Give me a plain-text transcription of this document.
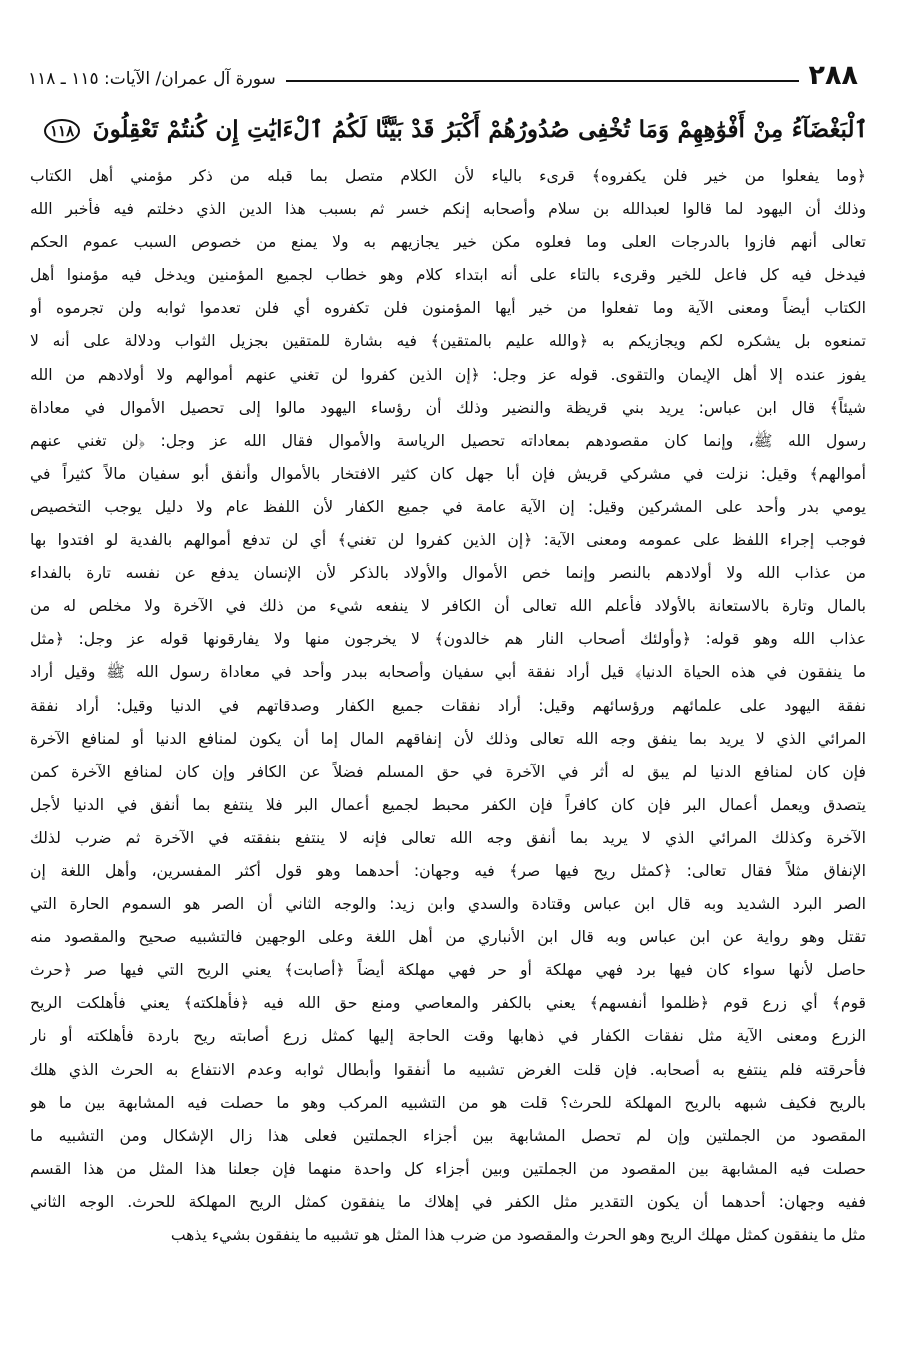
٢٨٨
سورة آل عمران/ الآيات: ١١٥ ـ ١١٨
ٱلْبَغْضَآءُ مِنْ أَفْوَٰهِهِمْ وَمَا تُخْفِى صُدُورُهُمْ أَكْبَرُ قَدْ بَيَّنَّا لَكُمُ ٱلْءَايَٰتِ إِن كُنتُمْ تَعْقِلُونَ ١١٨
﴿وما يفعلوا من خير فلن يكفروه﴾ قرىء بالياء لأن الكلام متصل بما قبله من ذكر مؤمني أهل الكتاب
وذلك أن اليهود لما قالوا لعبدالله بن سلام وأصحابه إنكم خسر ثم بسبب هذا الدين الذي دخلتم فيه فأخبر الله
تعالى أنهم فازوا بالدرجات العلى وما فعلوه مكن خير يجازيهم به ولا يمنع من خصوص السبب عموم الحكم
فيدخل فيه كل فاعل للخير وقرىء بالتاء على أنه ابتداء كلام وهو خطاب لجميع المؤمنين ويدخل فيه مؤمنوا أهل
الكتاب أيضاً ومعنى الآية وما تفعلوا من خير أيها المؤمنون فلن تكفروه أي فلن تعدموا ثوابه ولن تجرموه أو
تمنعوه بل يشكره لكم ويجازيكم به ﴿والله عليم بالمتقين﴾ فيه بشارة للمتقين بجزيل الثواب ودلالة على أنه لا
يفوز عنده إلا أهل الإيمان والتقوى. قوله عز وجل: ﴿إن الذين كفروا لن تغني عنهم أموالهم ولا أولادهم من الله
شيئاً﴾ قال ابن عباس: يريد بني قريظة والنضير وذلك أن رؤساء اليهود مالوا إلى تحصيل الأموال في معاداة
رسول الله ﷺ، وإنما كان مقصودهم بمعاداته تحصيل الرياسة والأموال فقال الله عز وجل: ﴿لن تغني عنهم
أموالهم﴾ وقيل: نزلت في مشركي قريش فإن أبا جهل كان كثير الافتخار بالأموال وأنفق أبو سفيان مالاً كثيراً في
يومي بدر وأحد على المشركين وقيل: إن الآية عامة في جميع الكفار لأن اللفظ عام ولا دليل يوجب التخصيص
فوجب إجراء اللفظ على عمومه ومعنى الآية: ﴿إن الذين كفروا لن تغني﴾ أي لن تدفع أموالهم بالفدية لو افتدوا بها
من عذاب الله ولا أولادهم بالنصر وإنما خص الأموال والأولاد بالذكر لأن الإنسان يدفع عن نفسه تارة بالفداء
بالمال وتارة بالاستعانة بالأولاد فأعلم الله تعالى أن الكافر لا ينفعه شيء من ذلك في الآخرة ولا مخلص له من
عذاب الله وهو قوله: ﴿وأولئك أصحاب النار هم خالدون﴾ لا يخرجون منها ولا يفارقونها قوله عز وجل: ﴿مثل
ما ينفقون في هذه الحياة الدنيا﴾ قيل أراد نفقة أبي سفيان وأصحابه ببدر وأحد في معاداة رسول الله ﷺ وقيل أراد
نفقة اليهود على علمائهم ورؤسائهم وقيل: أراد نفقات جميع الكفار وصدقاتهم في الدنيا وقيل: أراد نفقة
المرائي الذي لا يريد بما ينفق وجه الله تعالى وذلك لأن إنفاقهم المال إما أن يكون لمنافع الدنيا أو لمنافع الآخرة
فإن كان لمنافع الدنيا لم يبق له أثر في الآخرة في حق المسلم فضلاً عن الكافر وإن كان لمنافع الآخرة كمن
يتصدق ويعمل أعمال البر فإن كان كافراً فإن الكفر محبط لجميع أعمال البر فلا ينتفع بما أنفق في الدنيا لأجل
الآخرة وكذلك المرائي الذي لا يريد بما أنفق وجه الله تعالى فإنه لا ينتفع بنفقته في الآخرة ثم ضرب لذلك
الإنفاق مثلاً فقال تعالى: ﴿كمثل ريح فيها صر﴾ فيه وجهان: أحدهما وهو قول أكثر المفسرين، وأهل اللغة إن
الصر البرد الشديد وبه قال ابن عباس وقتادة والسدي وابن زيد: والوجه الثاني أن الصر هو السموم الحارة التي
تقتل وهو رواية عن ابن عباس وبه قال ابن الأنباري من أهل اللغة وعلى الوجهين فالتشبيه صحيح والمقصود منه
حاصل لأنها سواء كان فيها برد فهي مهلكة أو حر فهي مهلكة أيضاً ﴿أصابت﴾ يعني الريح التي فيها صر ﴿حرث
قوم﴾ أي زرع قوم ﴿ظلموا أنفسهم﴾ يعني بالكفر والمعاصي ومنع حق الله فيه ﴿فأهلكته﴾ يعني فأهلكت الريح
الزرع ومعنى الآية مثل نفقات الكفار في ذهابها وقت الحاجة إليها كمثل زرع أصابته ريح باردة فأهلكته أو نار
فأحرقته فلم ينتفع به أصحابه. فإن قلت الغرض تشبيه ما أنفقوا وأبطال ثوابه وعدم الانتفاع به الحرث الذي هلك
بالريح فكيف شبهه بالريح المهلكة للحرث؟ قلت هو من التشبيه المركب وهو ما حصلت فيه المشابهة بين ما هو
المقصود من الجملتين وإن لم تحصل المشابهة بين أجزاء الجملتين فعلى هذا زال الإشكال ومن التشبيه ما
حصلت فيه المشابهة بين المقصود من الجملتين وبين أجزاء كل واحدة منهما فإن جعلنا هذا المثل من هذا القسم
ففيه وجهان: أحدهما أن يكون التقدير مثل الكفر في إهلاك ما ينفقون كمثل الريح المهلكة للحرث. الوجه الثاني
مثل ما ينفقون كمثل مهلك الريح وهو الحرث والمقصود من ضرب هذا المثل هو تشبيه ما ينفقون بشيء يذهب
